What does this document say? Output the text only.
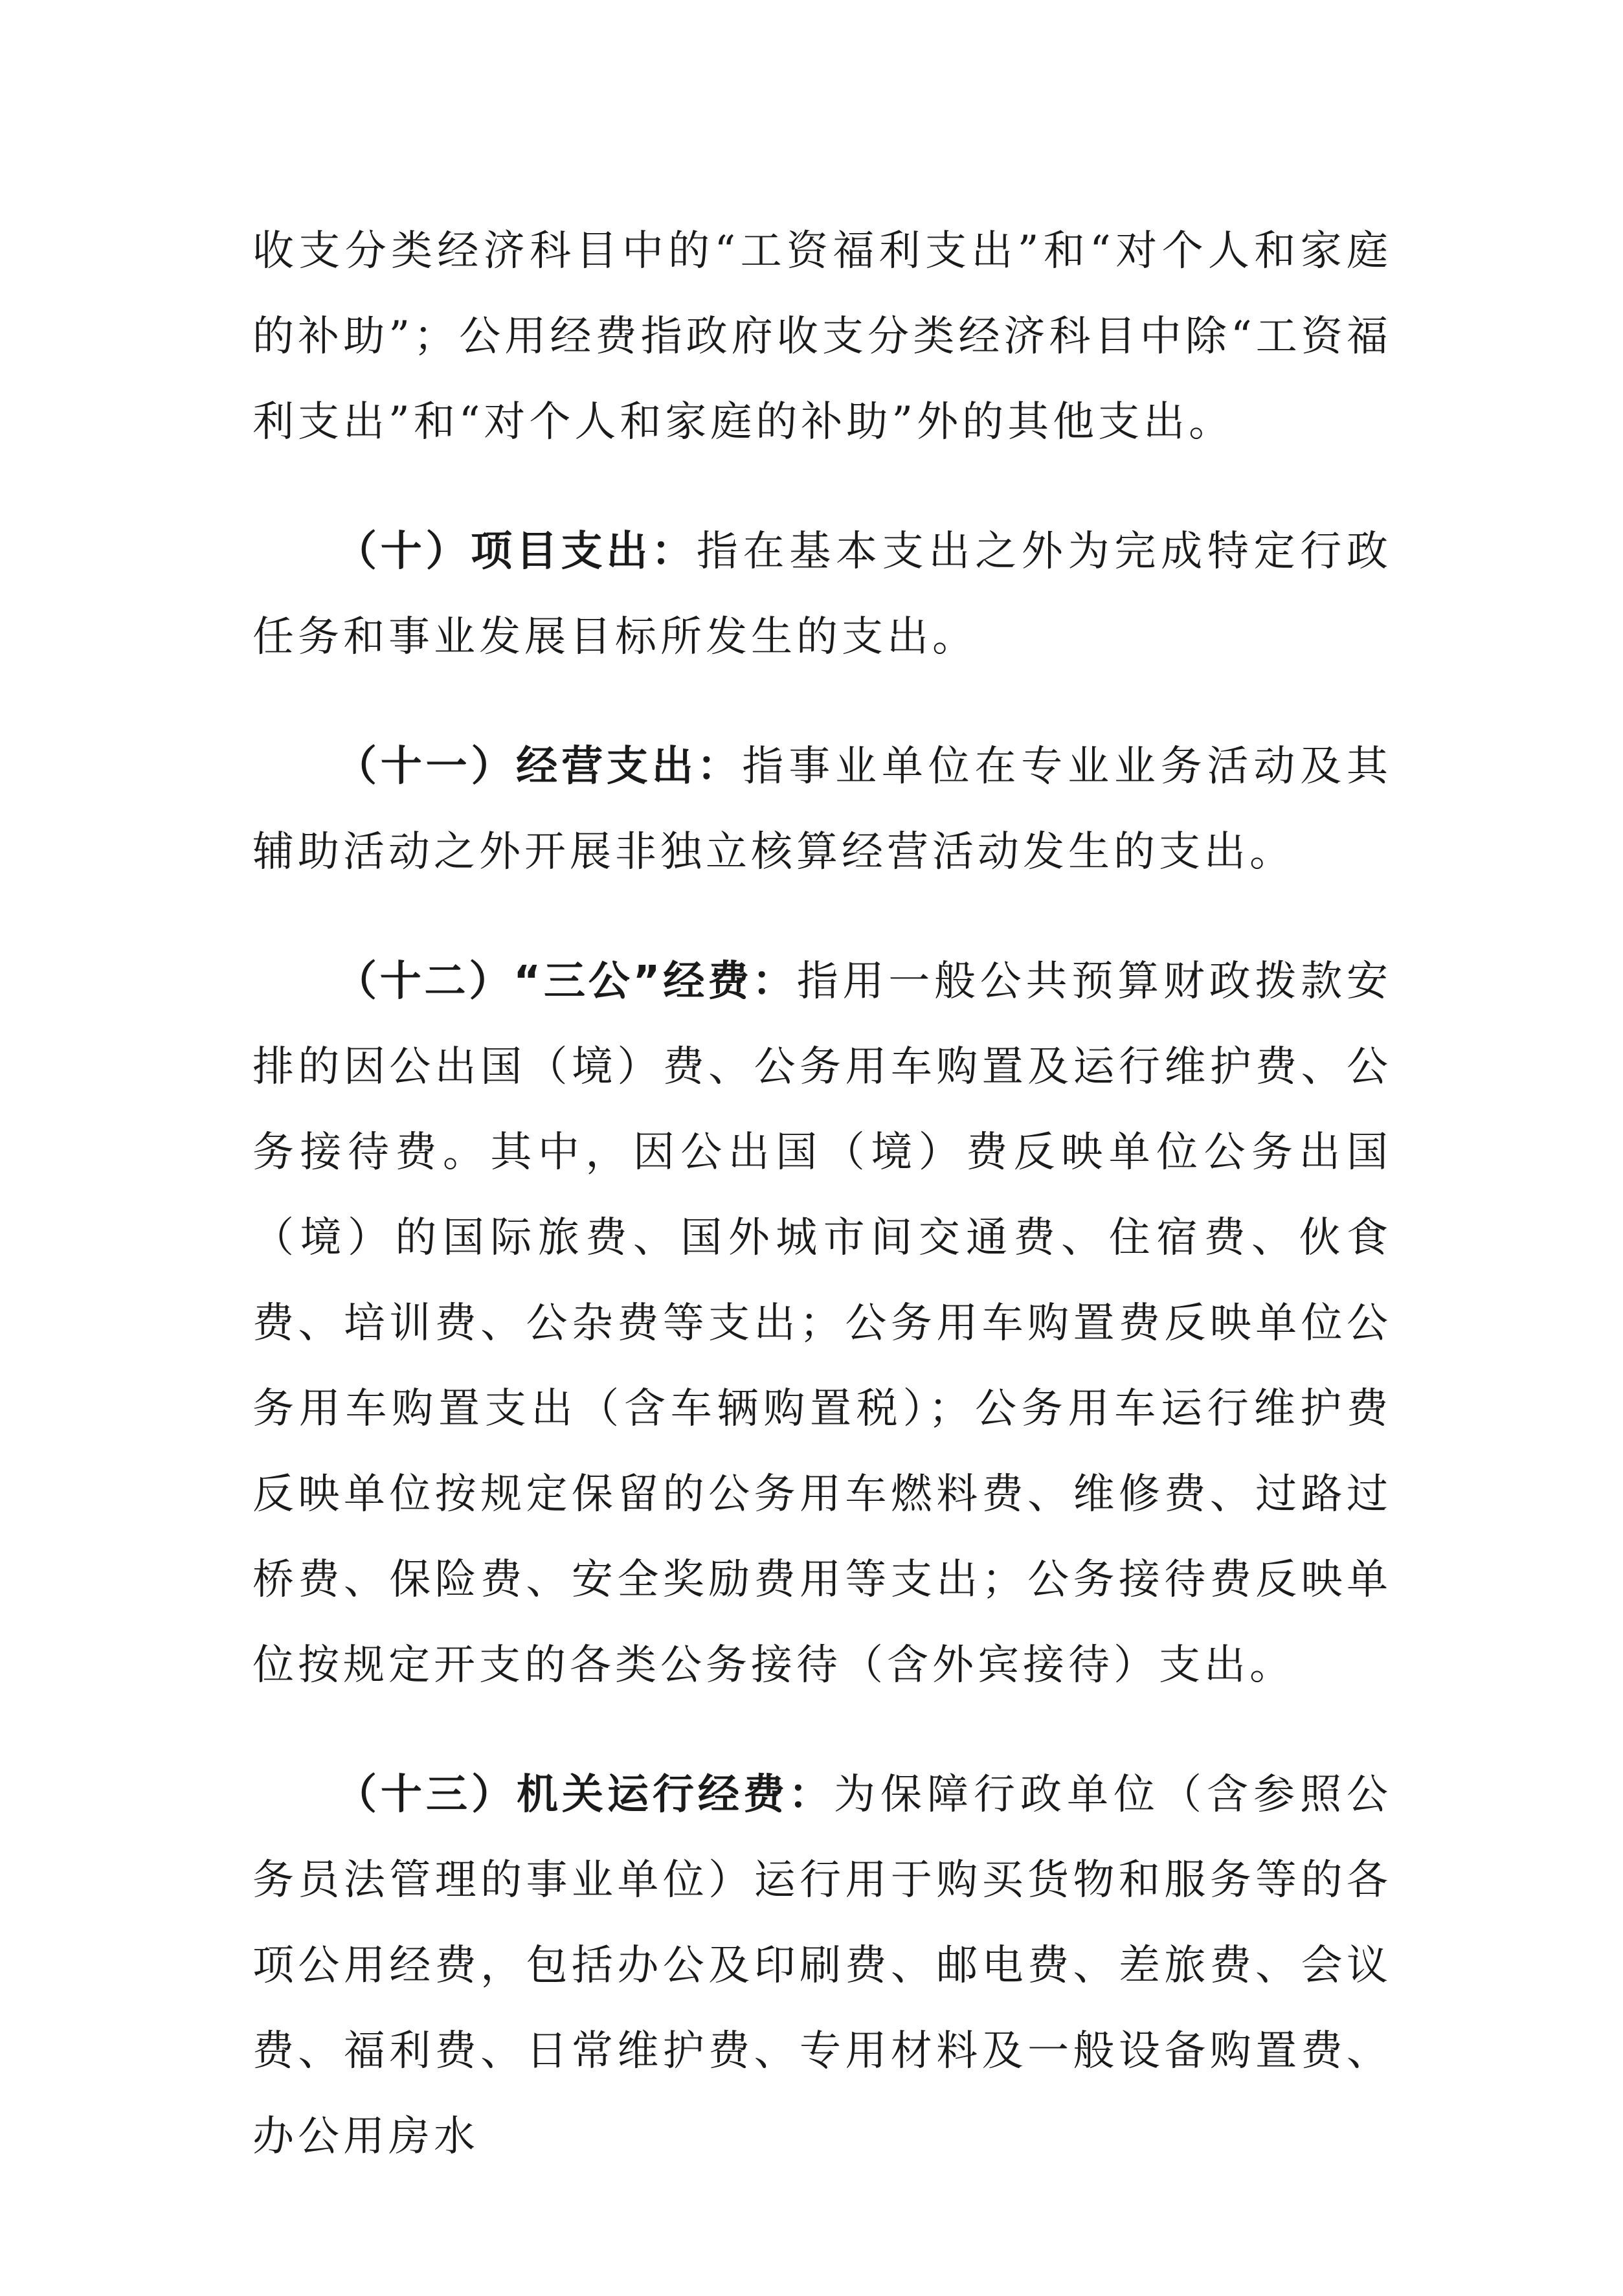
收支分类经济科目中的“工资福利支出”和“对个人和家庭的补助”；公用经费指政府收支分类经济科目中除“工资福利支出”和“对个人和家庭的补助”外的其他支出。

（十）项目支出：指在基本支出之外为完成特定行政任务和事业发展目标所发生的支出。

（十一）经营支出：指事业单位在专业业务活动及其辅助活动之外开展非独立核算经营活动发生的支出。

（十二）“三公”经费：指用一般公共预算财政拨款安排的因公出国（境）费、公务用车购置及运行维护费、公务接待费。其中，因公出国（境）费反映单位公务出国（境）的国际旅费、国外城市间交通费、住宿费、伙食费、培训费、公杂费等支出；公务用车购置费反映单位公务用车购置支出（含车辆购置税）；公务用车运行维护费反映单位按规定保留的公务用车燃料费、维修费、过路过桥费、保险费、安全奖励费用等支出；公务接待费反映单位按规定开支的各类公务接待（含外宾接待）支出。

（十三）机关运行经费：为保障行政单位（含参照公务员法管理的事业单位）运行用于购买货物和服务等的各项公用经费，包括办公及印刷费、邮电费、差旅费、会议费、福利费、日常维护费、专用材料及一般设备购置费、办公用房水
